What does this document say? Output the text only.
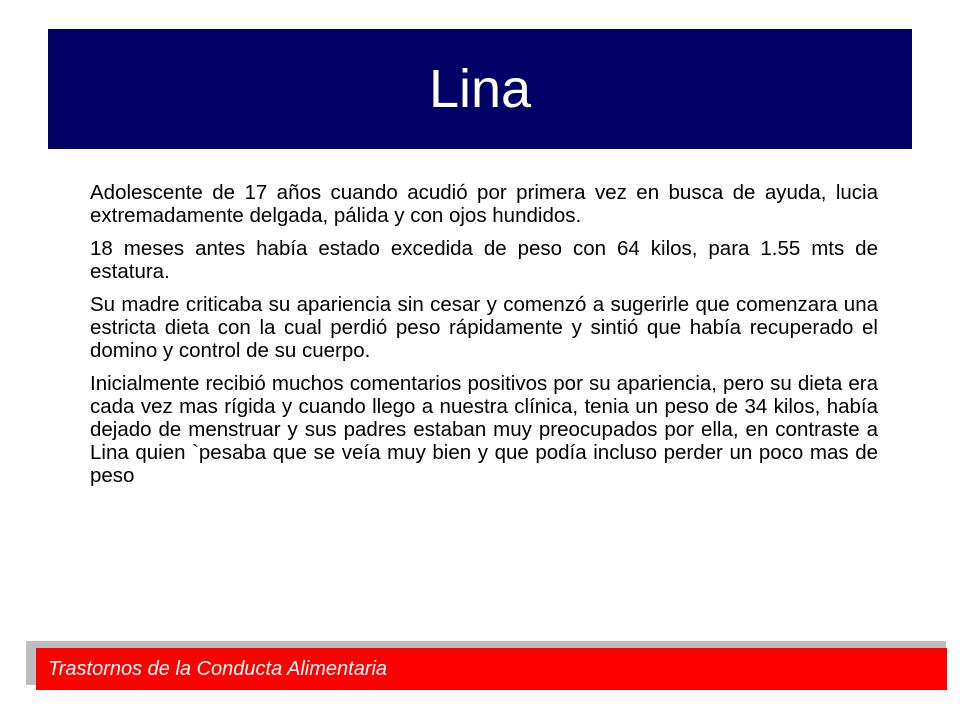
Lina

Adolescente de 17 años cuando acudió por primera vez en busca de ayuda, lucia extremadamente delgada, pálida y con ojos hundidos.

18 meses antes había estado excedida de peso con 64 kilos, para 1.55 mts de estatura.

Su madre criticaba su apariencia sin cesar y comenzó a sugerirle que comenzara una estricta dieta con la cual perdió peso rápidamente y sintió que había recuperado el domino y control de su cuerpo.

Inicialmente recibió muchos comentarios positivos por su apariencia, pero su dieta era cada vez mas rígida y cuando llego a nuestra clínica, tenia un peso de 34 kilos, había dejado de menstruar y sus padres estaban muy preocupados por ella, en contraste a Lina quien `pesaba que se veía muy bien y que podía incluso perder un poco mas de peso

Trastornos de la Conducta Alimentaria
